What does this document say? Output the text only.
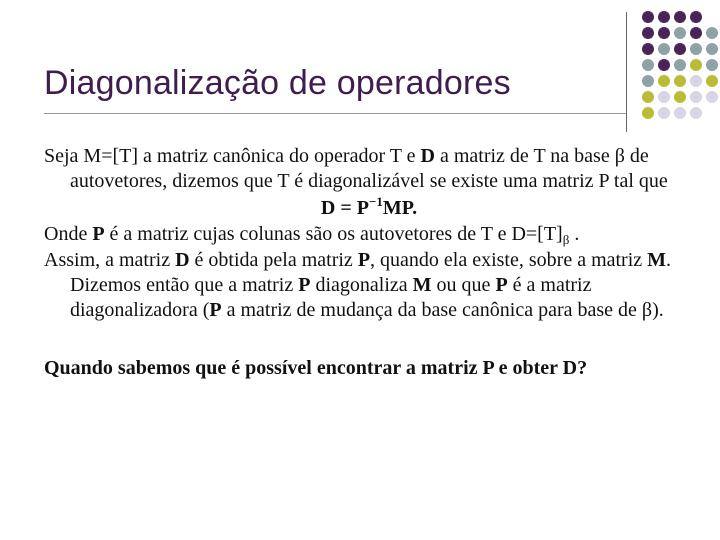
Diagonalização de operadores

Seja M=[T] a matriz canônica do operador T e D a matriz de T na base β de autovetores, dizemos que T é diagonalizável se existe uma matriz P tal que

$D = P^{-1}MP$.

Onde P é a matriz cujas colunas são os autovetores de T e $D=[T]_\beta$ .

Assim, a matriz D é obtida pela matriz P, quando ela existe, sobre a matriz M. Dizemos então que a matriz P diagonaliza M ou que P é a matriz diagonalizadora (P a matriz de mudança da base canônica para base de β).

Quando sabemos que é possível encontrar a matriz P e obter D?
